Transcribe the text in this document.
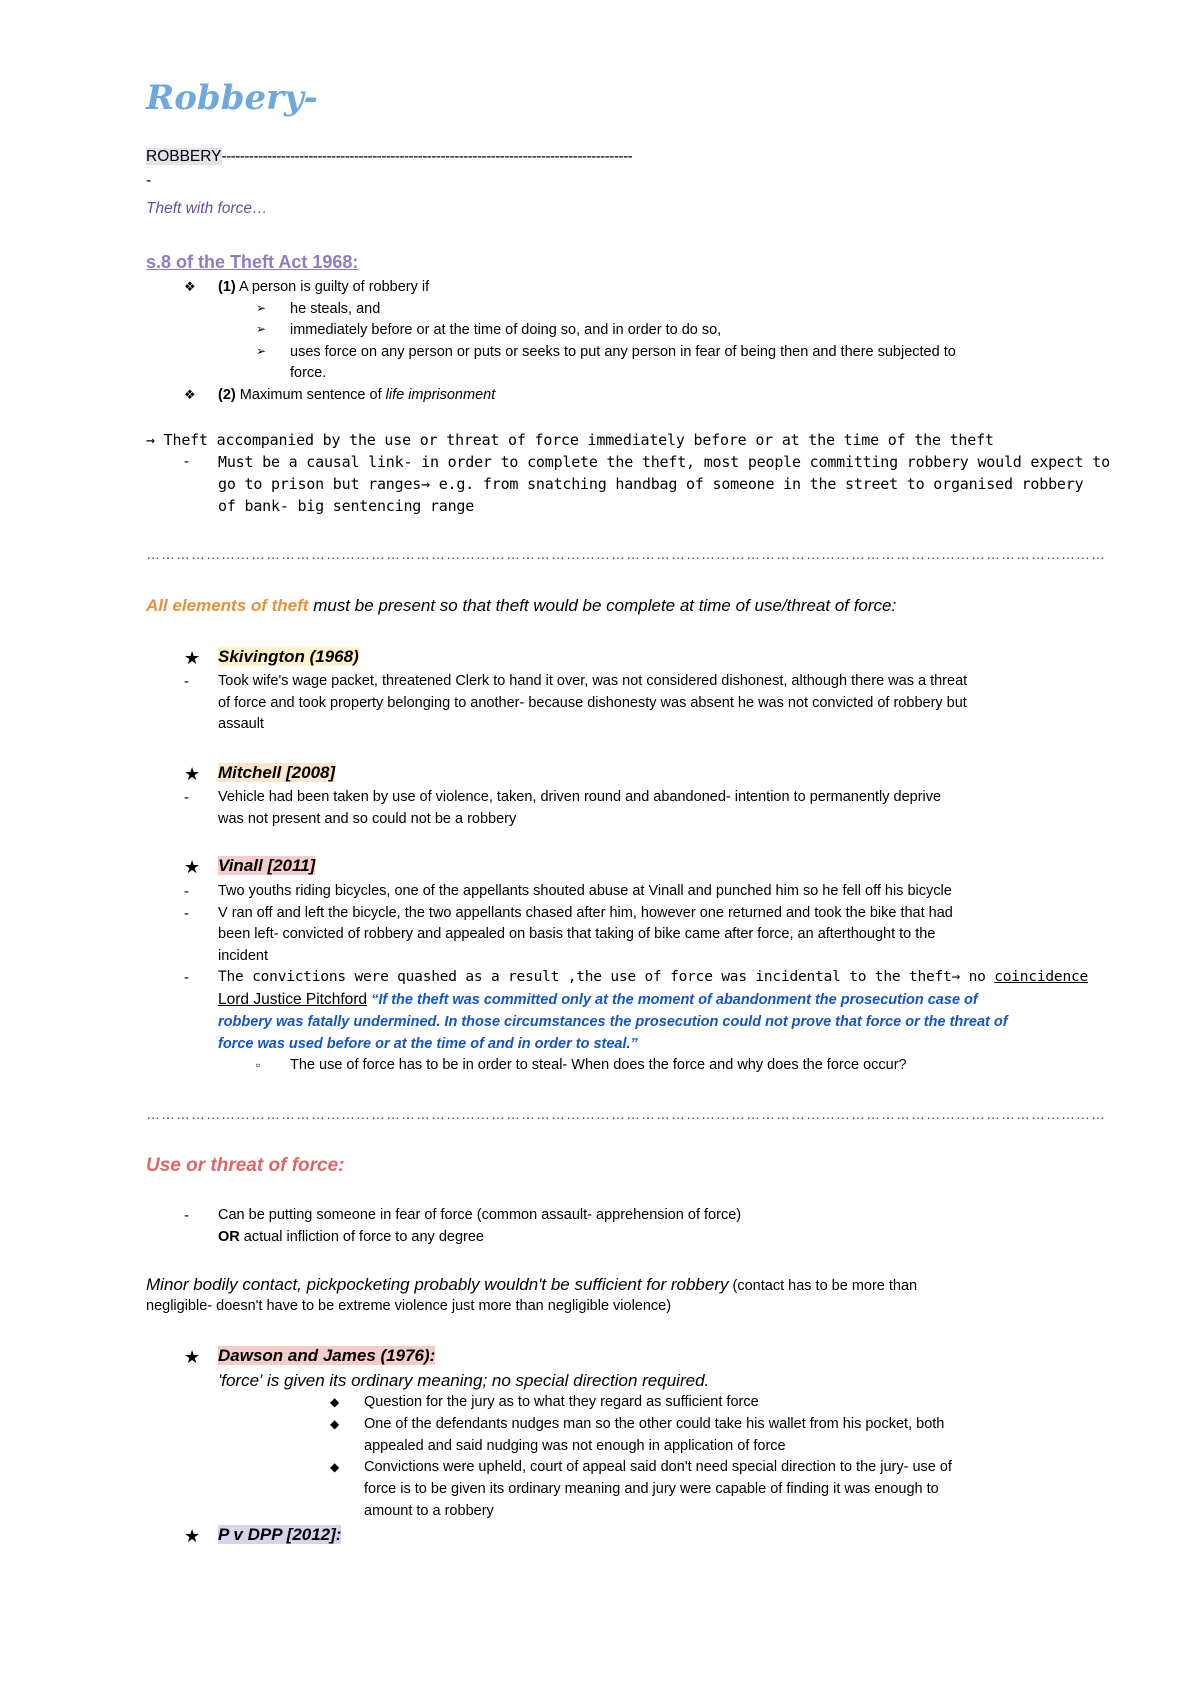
Robbery-
ROBBERY------------------------------------------------------------------------------------------
-
Theft with force…
s.8 of the Theft Act 1968:
❖ (1) A person is guilty of robbery if
➢ he steals, and
➢ immediately before or at the time of doing so, and in order to do so,
➢ uses force on any person or puts or seeks to put any person in fear of being then and there subjected to
force.
❖ (2) Maximum sentence of life imprisonment
→ Theft accompanied by the use or threat of force immediately before or at the time of the theft
- Must be a causal link- in order to complete the theft, most people committing robbery would expect to
go to prison but ranges→ e.g. from snatching handbag of someone in the street to organised robbery
of bank- big sentencing range
…………………………………………………………………………………………………………………………………………………………………………
All elements of theft must be present so that theft would be complete at time of use/threat of force:
★ Skivington (1968)
- Took wife's wage packet, threatened Clerk to hand it over, was not considered dishonest, although there was a threat
of force and took property belonging to another- because dishonesty was absent he was not convicted of robbery but
assault
★ Mitchell [2008]
- Vehicle had been taken by use of violence, taken, driven round and abandoned- intention to permanently deprive
was not present and so could not be a robbery
★ Vinall [2011]
- Two youths riding bicycles, one of the appellants shouted abuse at Vinall and punched him so he fell off his bicycle
- V ran off and left the bicycle, the two appellants chased after him, however one returned and took the bike that had
been left- convicted of robbery and appealed on basis that taking of bike came after force, an afterthought to the
incident
- The convictions were quashed as a result ,the use of force was incidental to the theft→ no coincidence
Lord Justice Pitchford “If the theft was committed only at the moment of abandonment the prosecution case of
robbery was fatally undermined. In those circumstances the prosecution could not prove that force or the threat of
force was used before or at the time of and in order to steal.”
▫ The use of force has to be in order to steal- When does the force and why does the force occur?
…………………………………………………………………………………………………………………………………………………………………………
Use or threat of force:
- Can be putting someone in fear of force (common assault- apprehension of force)
OR actual infliction of force to any degree
Minor bodily contact, pickpocketing probably wouldn't be sufficient for robbery (contact has to be more than
negligible- doesn't have to be extreme violence just more than negligible violence)
★ Dawson and James (1976):
'force' is given its ordinary meaning; no special direction required.
◆ Question for the jury as to what they regard as sufficient force
◆ One of the defendants nudges man so the other could take his wallet from his pocket, both
appealed and said nudging was not enough in application of force
◆ Convictions were upheld, court of appeal said don't need special direction to the jury- use of
force is to be given its ordinary meaning and jury were capable of finding it was enough to
amount to a robbery
★ P v DPP [2012]:
